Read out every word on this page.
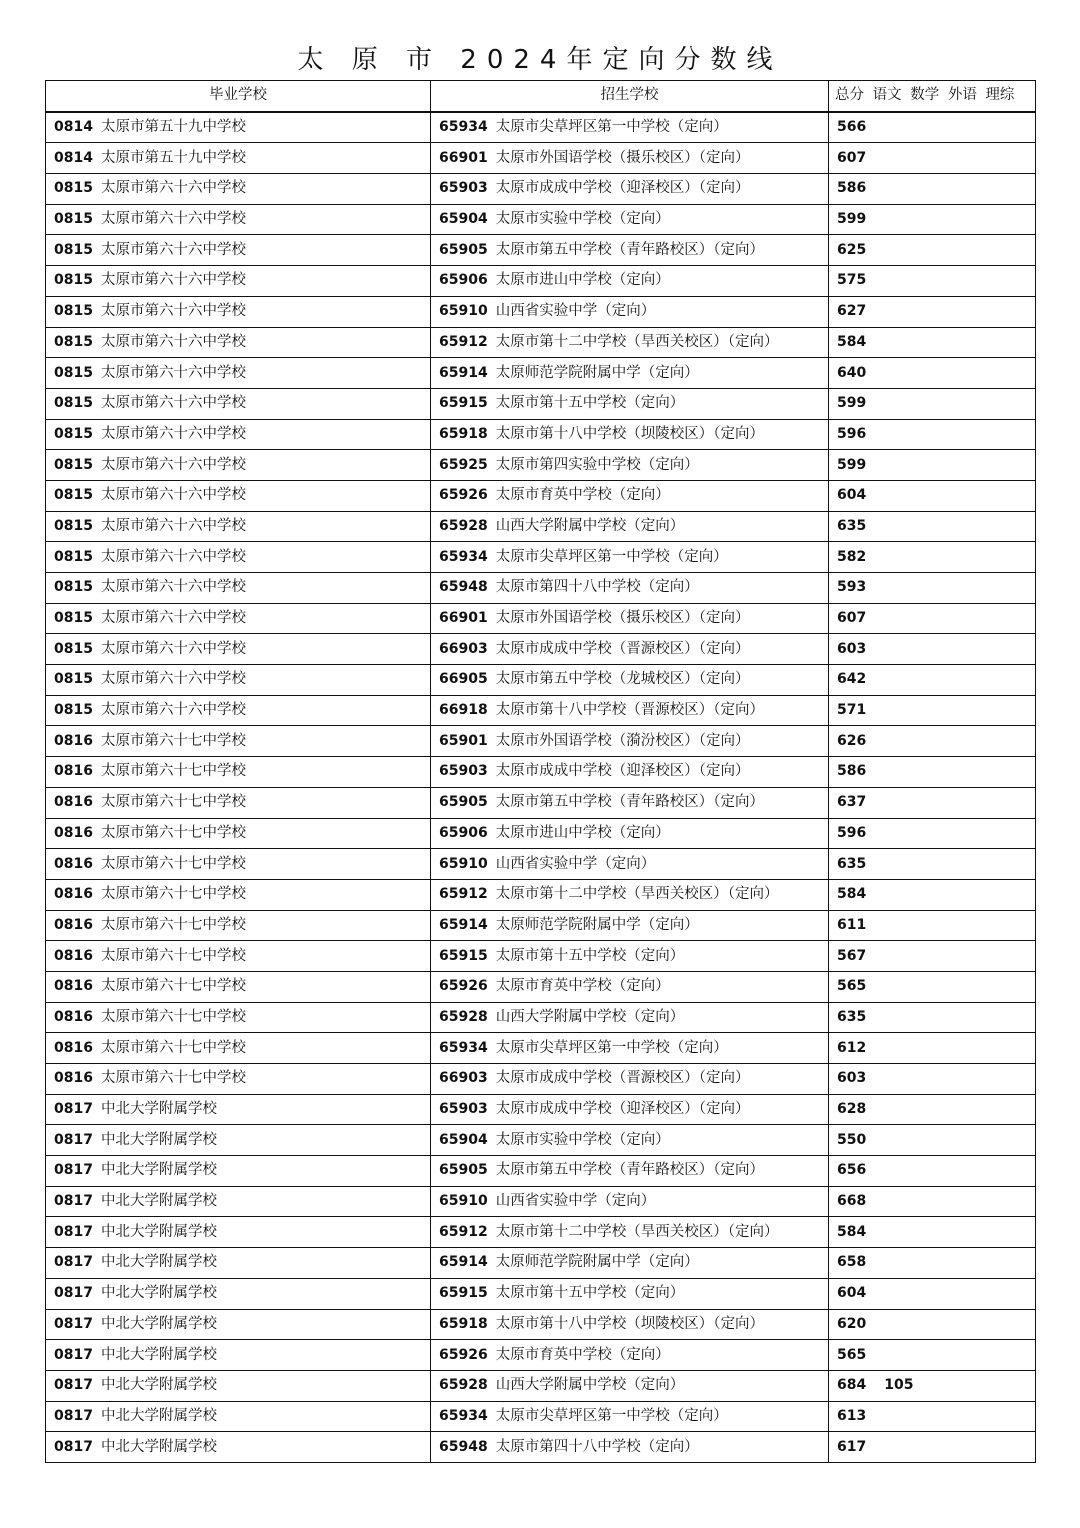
太 原 市 2024年定向分数线
毕业学校	招生学校	总分 语文 数学 外语 理综
0814 太原市第五十九中学校	65934 太原市尖草坪区第一中学校（定向）	566
0814 太原市第五十九中学校	66901 太原市外国语学校（摄乐校区）（定向）	607
0815 太原市第六十六中学校	65903 太原市成成中学校（迎泽校区）（定向）	586
0815 太原市第六十六中学校	65904 太原市实验中学校（定向）	599
0815 太原市第六十六中学校	65905 太原市第五中学校（青年路校区）（定向）	625
0815 太原市第六十六中学校	65906 太原市进山中学校（定向）	575
0815 太原市第六十六中学校	65910 山西省实验中学（定向）	627
0815 太原市第六十六中学校	65912 太原市第十二中学校（旱西关校区）（定向）	584
0815 太原市第六十六中学校	65914 太原师范学院附属中学（定向）	640
0815 太原市第六十六中学校	65915 太原市第十五中学校（定向）	599
0815 太原市第六十六中学校	65918 太原市第十八中学校（坝陵校区）（定向）	596
0815 太原市第六十六中学校	65925 太原市第四实验中学校（定向）	599
0815 太原市第六十六中学校	65926 太原市育英中学校（定向）	604
0815 太原市第六十六中学校	65928 山西大学附属中学校（定向）	635
0815 太原市第六十六中学校	65934 太原市尖草坪区第一中学校（定向）	582
0815 太原市第六十六中学校	65948 太原市第四十八中学校（定向）	593
0815 太原市第六十六中学校	66901 太原市外国语学校（摄乐校区）（定向）	607
0815 太原市第六十六中学校	66903 太原市成成中学校（晋源校区）（定向）	603
0815 太原市第六十六中学校	66905 太原市第五中学校（龙城校区）（定向）	642
0815 太原市第六十六中学校	66918 太原市第十八中学校（晋源校区）（定向）	571
0816 太原市第六十七中学校	65901 太原市外国语学校（漪汾校区）（定向）	626
0816 太原市第六十七中学校	65903 太原市成成中学校（迎泽校区）（定向）	586
0816 太原市第六十七中学校	65905 太原市第五中学校（青年路校区）（定向）	637
0816 太原市第六十七中学校	65906 太原市进山中学校（定向）	596
0816 太原市第六十七中学校	65910 山西省实验中学（定向）	635
0816 太原市第六十七中学校	65912 太原市第十二中学校（旱西关校区）（定向）	584
0816 太原市第六十七中学校	65914 太原师范学院附属中学（定向）	611
0816 太原市第六十七中学校	65915 太原市第十五中学校（定向）	567
0816 太原市第六十七中学校	65926 太原市育英中学校（定向）	565
0816 太原市第六十七中学校	65928 山西大学附属中学校（定向）	635
0816 太原市第六十七中学校	65934 太原市尖草坪区第一中学校（定向）	612
0816 太原市第六十七中学校	66903 太原市成成中学校（晋源校区）（定向）	603
0817 中北大学附属学校	65903 太原市成成中学校（迎泽校区）（定向）	628
0817 中北大学附属学校	65904 太原市实验中学校（定向）	550
0817 中北大学附属学校	65905 太原市第五中学校（青年路校区）（定向）	656
0817 中北大学附属学校	65910 山西省实验中学（定向）	668
0817 中北大学附属学校	65912 太原市第十二中学校（旱西关校区）（定向）	584
0817 中北大学附属学校	65914 太原师范学院附属中学（定向）	658
0817 中北大学附属学校	65915 太原市第十五中学校（定向）	604
0817 中北大学附属学校	65918 太原市第十八中学校（坝陵校区）（定向）	620
0817 中北大学附属学校	65926 太原市育英中学校（定向）	565
0817 中北大学附属学校	65928 山西大学附属中学校（定向）	684 105
0817 中北大学附属学校	65934 太原市尖草坪区第一中学校（定向）	613
0817 中北大学附属学校	65948 太原市第四十八中学校（定向）	617
